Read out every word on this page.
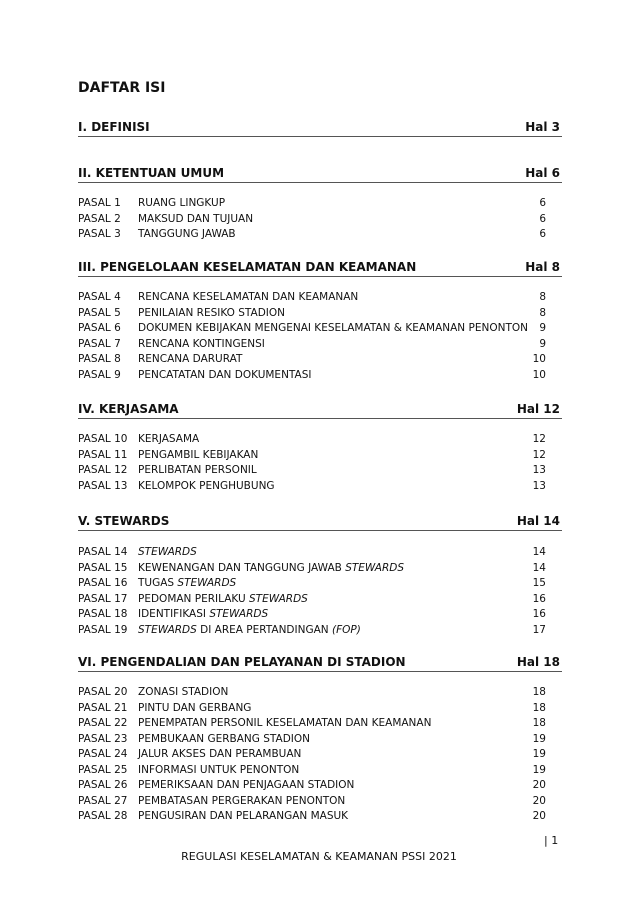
DAFTAR ISI
I. DEFINISI	Hal 3
II. KETENTUAN UMUM	Hal 6
PASAL 1 RUANG LINGKUP	6
PASAL 2 MAKSUD DAN TUJUAN	6
PASAL 3 TANGGUNG JAWAB	6
III. PENGELOLAAN KESELAMATAN DAN KEAMANAN	Hal 8
PASAL 4 RENCANA KESELAMATAN DAN KEAMANAN	8
PASAL 5 PENILAIAN RESIKO STADION	8
PASAL 6 DOKUMEN KEBIJAKAN MENGENAI KESELAMATAN & KEAMANAN PENONTON 9
PASAL 7 RENCANA KONTINGENSI	9
PASAL 8 RENCANA DARURAT	10
PASAL 9 PENCATATAN DAN DOKUMENTASI	10
IV. KERJASAMA	Hal 12
PASAL 10 KERJASAMA	12
PASAL 11 PENGAMBIL KEBIJAKAN	12
PASAL 12 PERLIBATAN PERSONIL	13
PASAL 13 KELOMPOK PENGHUBUNG	13
V. STEWARDS	Hal 14
PASAL 14 STEWARDS	14
PASAL 15 KEWENANGAN DAN TANGGUNG JAWAB STEWARDS	14
PASAL 16 TUGAS STEWARDS	15
PASAL 17 PEDOMAN PERILAKU STEWARDS	16
PASAL 18 IDENTIFIKASI STEWARDS	16
PASAL 19 STEWARDS DI AREA PERTANDINGAN (FOP)	17
VI. PENGENDALIAN DAN PELAYANAN DI STADION	Hal 18
PASAL 20 ZONASI STADION	18
PASAL 21 PINTU DAN GERBANG	18
PASAL 22 PENEMPATAN PERSONIL KESELAMATAN DAN KEAMANAN	18
PASAL 23 PEMBUKAAN GERBANG STADION	19
PASAL 24 JALUR AKSES DAN PERAMBUAN	19
PASAL 25 INFORMASI UNTUK PENONTON	19
PASAL 26 PEMERIKSAAN DAN PENJAGAAN STADION	20
PASAL 27 PEMBATASAN PERGERAKAN PENONTON	20
PASAL 28 PENGUSIRAN DAN PELARANGAN MASUK	20
| 1
REGULASI KESELAMATAN & KEAMANAN PSSI 2021
